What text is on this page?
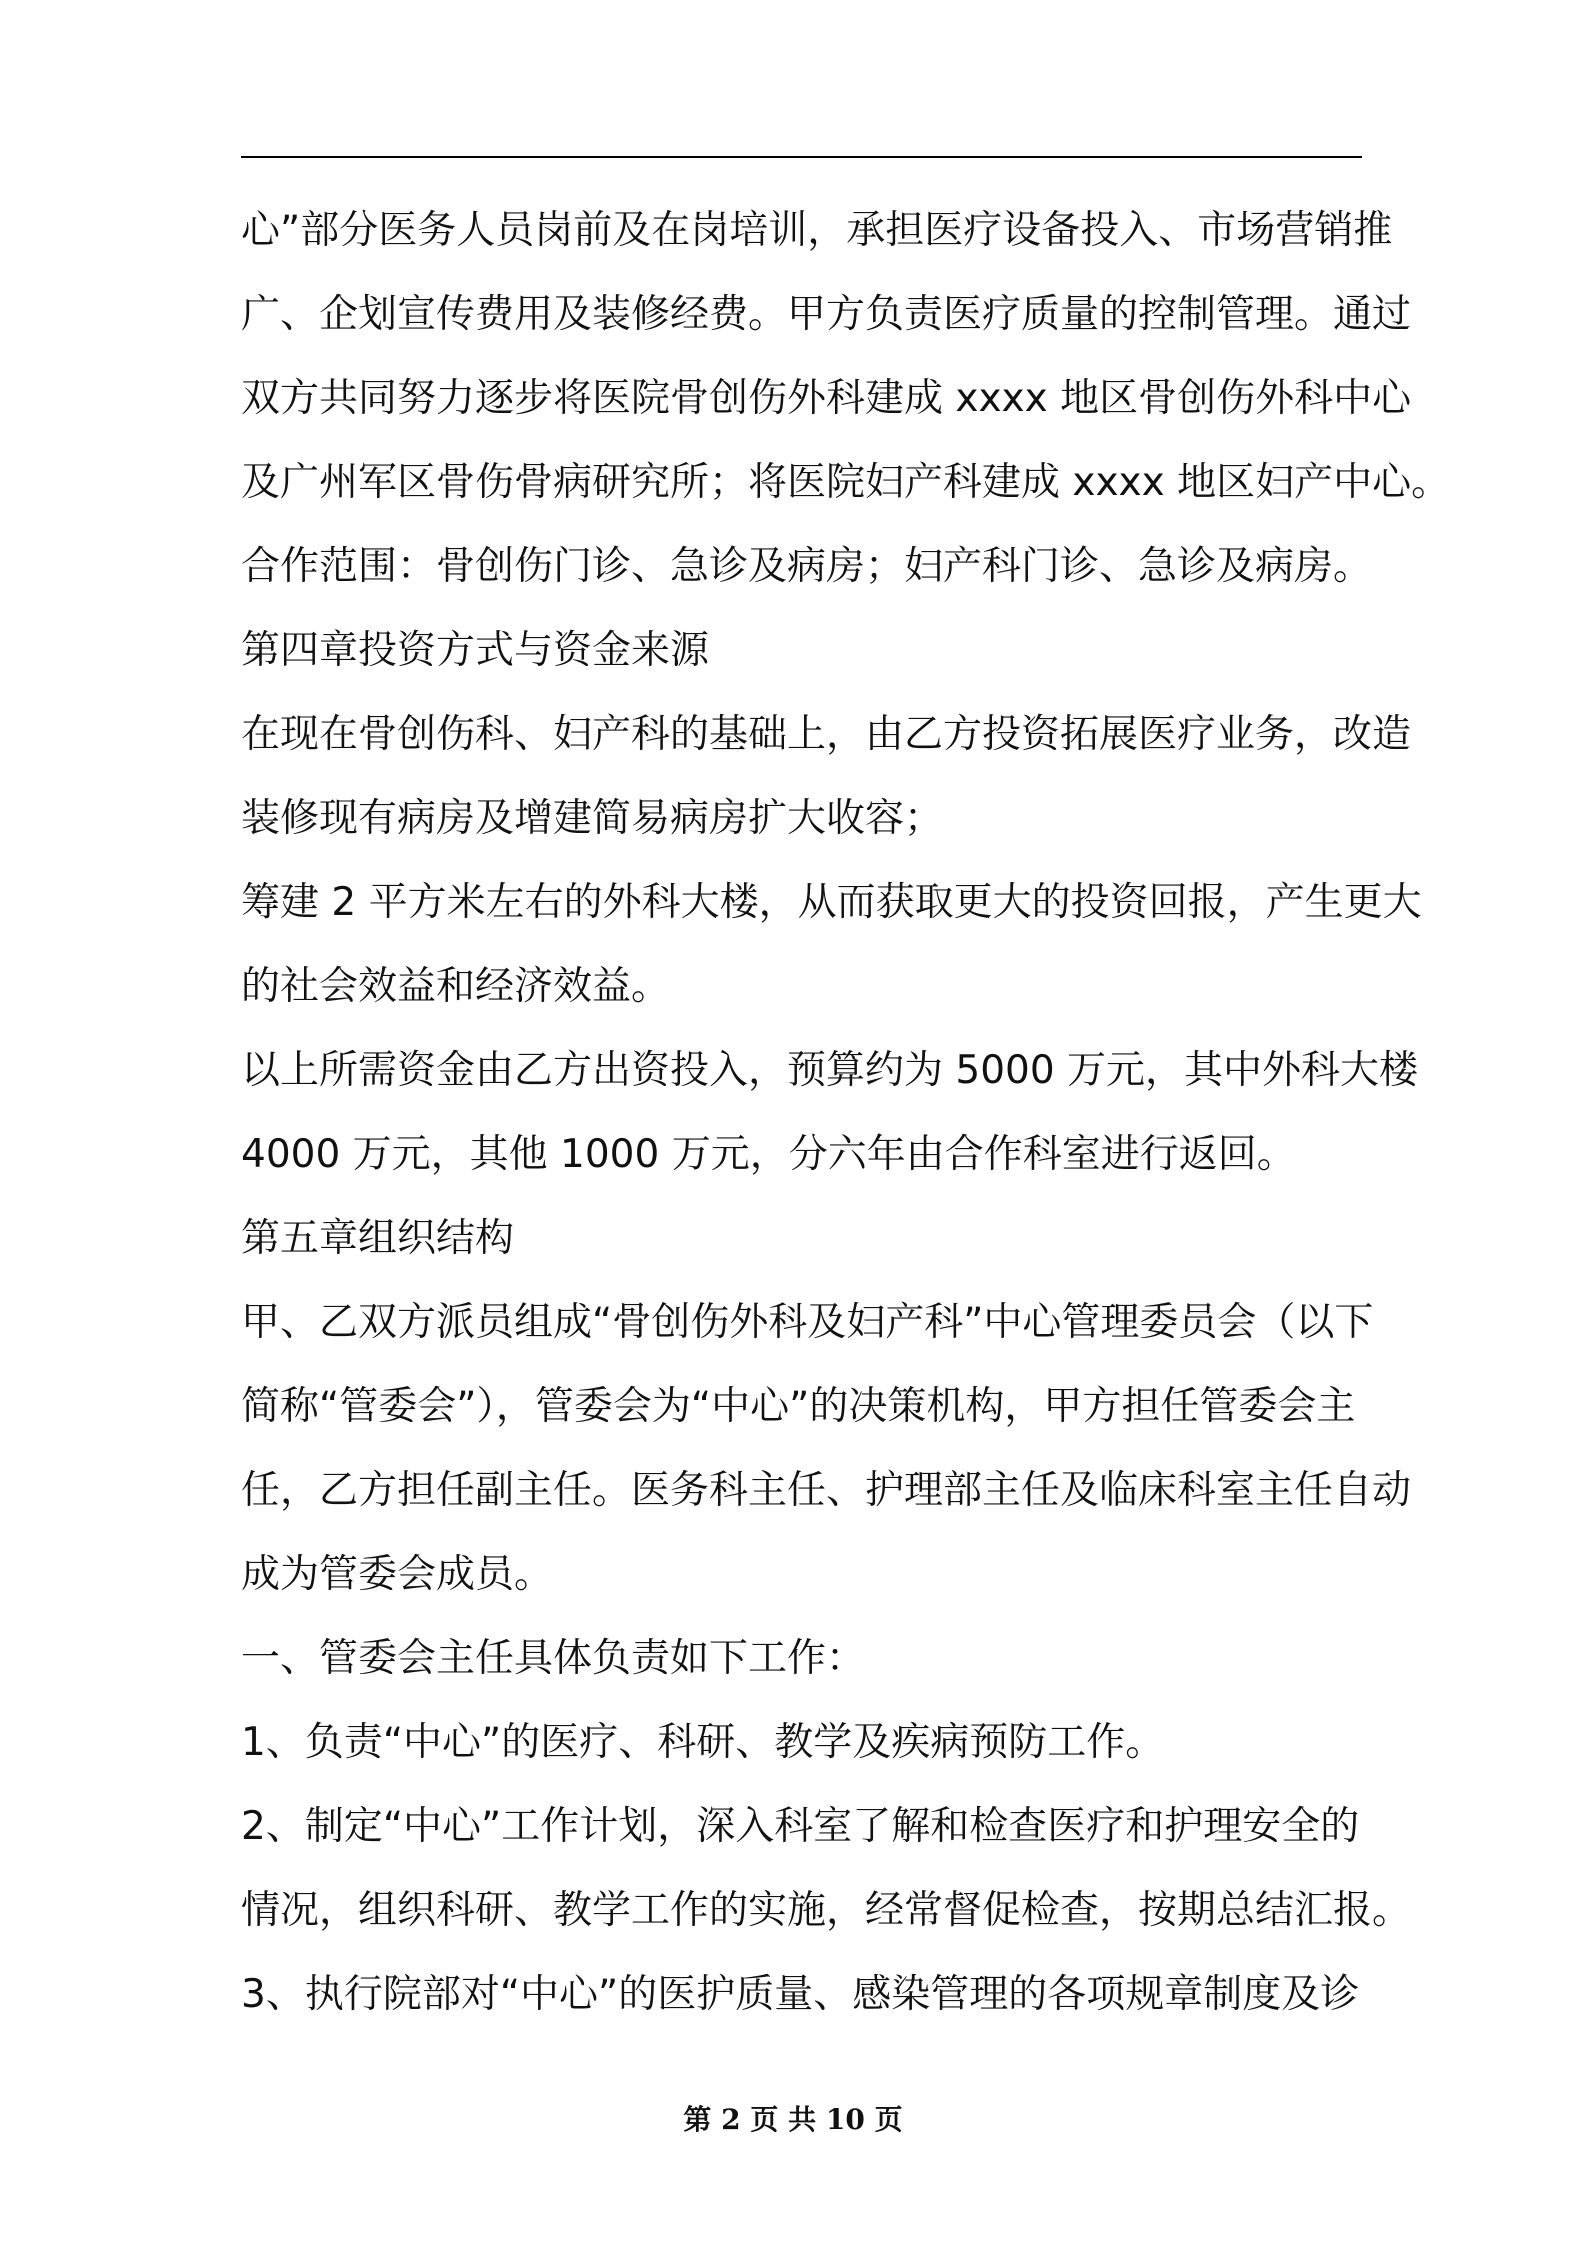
心”部分医务人员岗前及在岗培训，承担医疗设备投入、市场营销推
广、企划宣传费用及装修经费。甲方负责医疗质量的控制管理。通过
双方共同努力逐步将医院骨创伤外科建成 xxxx 地区骨创伤外科中心
及广州军区骨伤骨病研究所；将医院妇产科建成 xxxx 地区妇产中心。
合作范围：骨创伤门诊、急诊及病房；妇产科门诊、急诊及病房。
第四章投资方式与资金来源
在现在骨创伤科、妇产科的基础上，由乙方投资拓展医疗业务，改造
装修现有病房及增建简易病房扩大收容；
筹建 2 平方米左右的外科大楼，从而获取更大的投资回报，产生更大
的社会效益和经济效益。
以上所需资金由乙方出资投入，预算约为 5000 万元，其中外科大楼
4000 万元，其他 1000 万元，分六年由合作科室进行返回。
第五章组织结构
甲、乙双方派员组成“骨创伤外科及妇产科”中心管理委员会（以下
简称“管委会”），管委会为“中心”的决策机构，甲方担任管委会主
任，乙方担任副主任。医务科主任、护理部主任及临床科室主任自动
成为管委会成员。
一、管委会主任具体负责如下工作：
1、负责“中心”的医疗、科研、教学及疾病预防工作。
2、制定“中心”工作计划，深入科室了解和检查医疗和护理安全的
情况，组织科研、教学工作的实施，经常督促检查，按期总结汇报。
3、执行院部对“中心”的医护质量、感染管理的各项规章制度及诊
第 2 页 共 10 页
